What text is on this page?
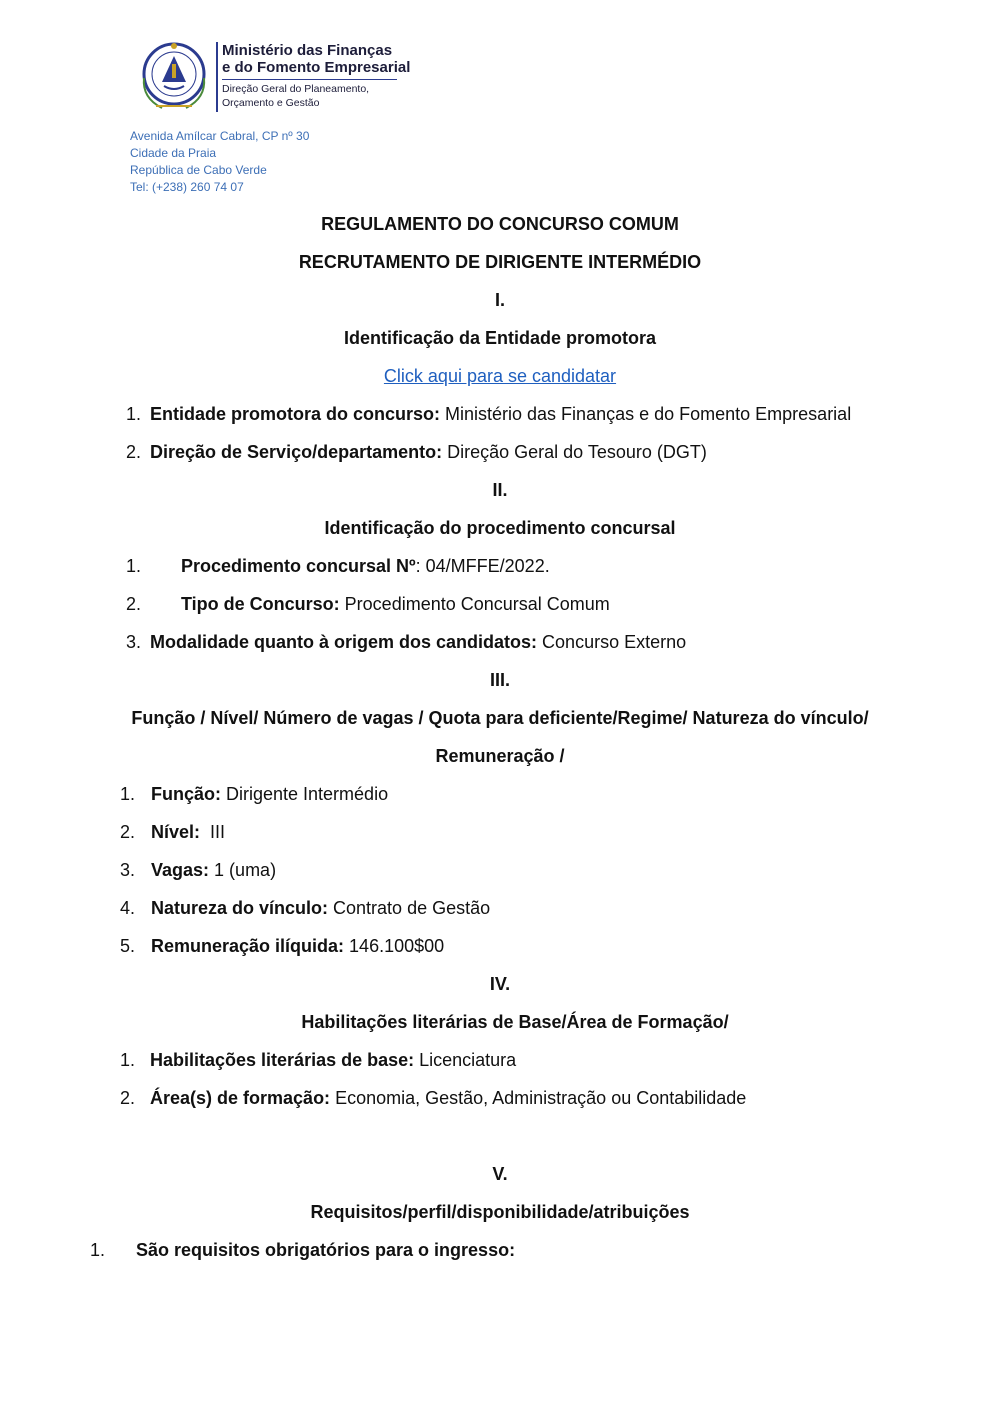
Ministério das Finanças
e do Fomento Empresarial
Direção Geral do Planeamento,
Orçamento e Gestão
Avenida Amílcar Cabral, CP nº 30
Cidade da Praia
República de Cabo Verde
Tel: (+238) 260 74 07
REGULAMENTO DO CONCURSO COMUM
RECRUTAMENTO DE DIRIGENTE INTERMÉDIO
I.
Identificação da Entidade promotora
Click aqui para se candidatar
1. Entidade promotora do concurso: Ministério das Finanças e do Fomento Empresarial
2. Direção de Serviço/departamento: Direção Geral do Tesouro (DGT)
II.
Identificação do procedimento concursal
1. Procedimento concursal Nº: 04/MFFE/2022.
2. Tipo de Concurso: Procedimento Concursal Comum
3. Modalidade quanto à origem dos candidatos: Concurso Externo
III.
Função / Nível/ Número de vagas / Quota para deficiente/Regime/ Natureza do vínculo/
Remuneração /
1. Função: Dirigente Intermédio
2. Nível:  III
3. Vagas: 1 (uma)
4. Natureza do vínculo: Contrato de Gestão
5. Remuneração ilíquida: 146.100$00
IV.
Habilitações literárias de Base/Área de Formação/
1. Habilitações literárias de base: Licenciatura
2. Área(s) de formação: Economia, Gestão, Administração ou Contabilidade
V.
Requisitos/perfil/disponibilidade/atribuições
1. São requisitos obrigatórios para o ingresso:
